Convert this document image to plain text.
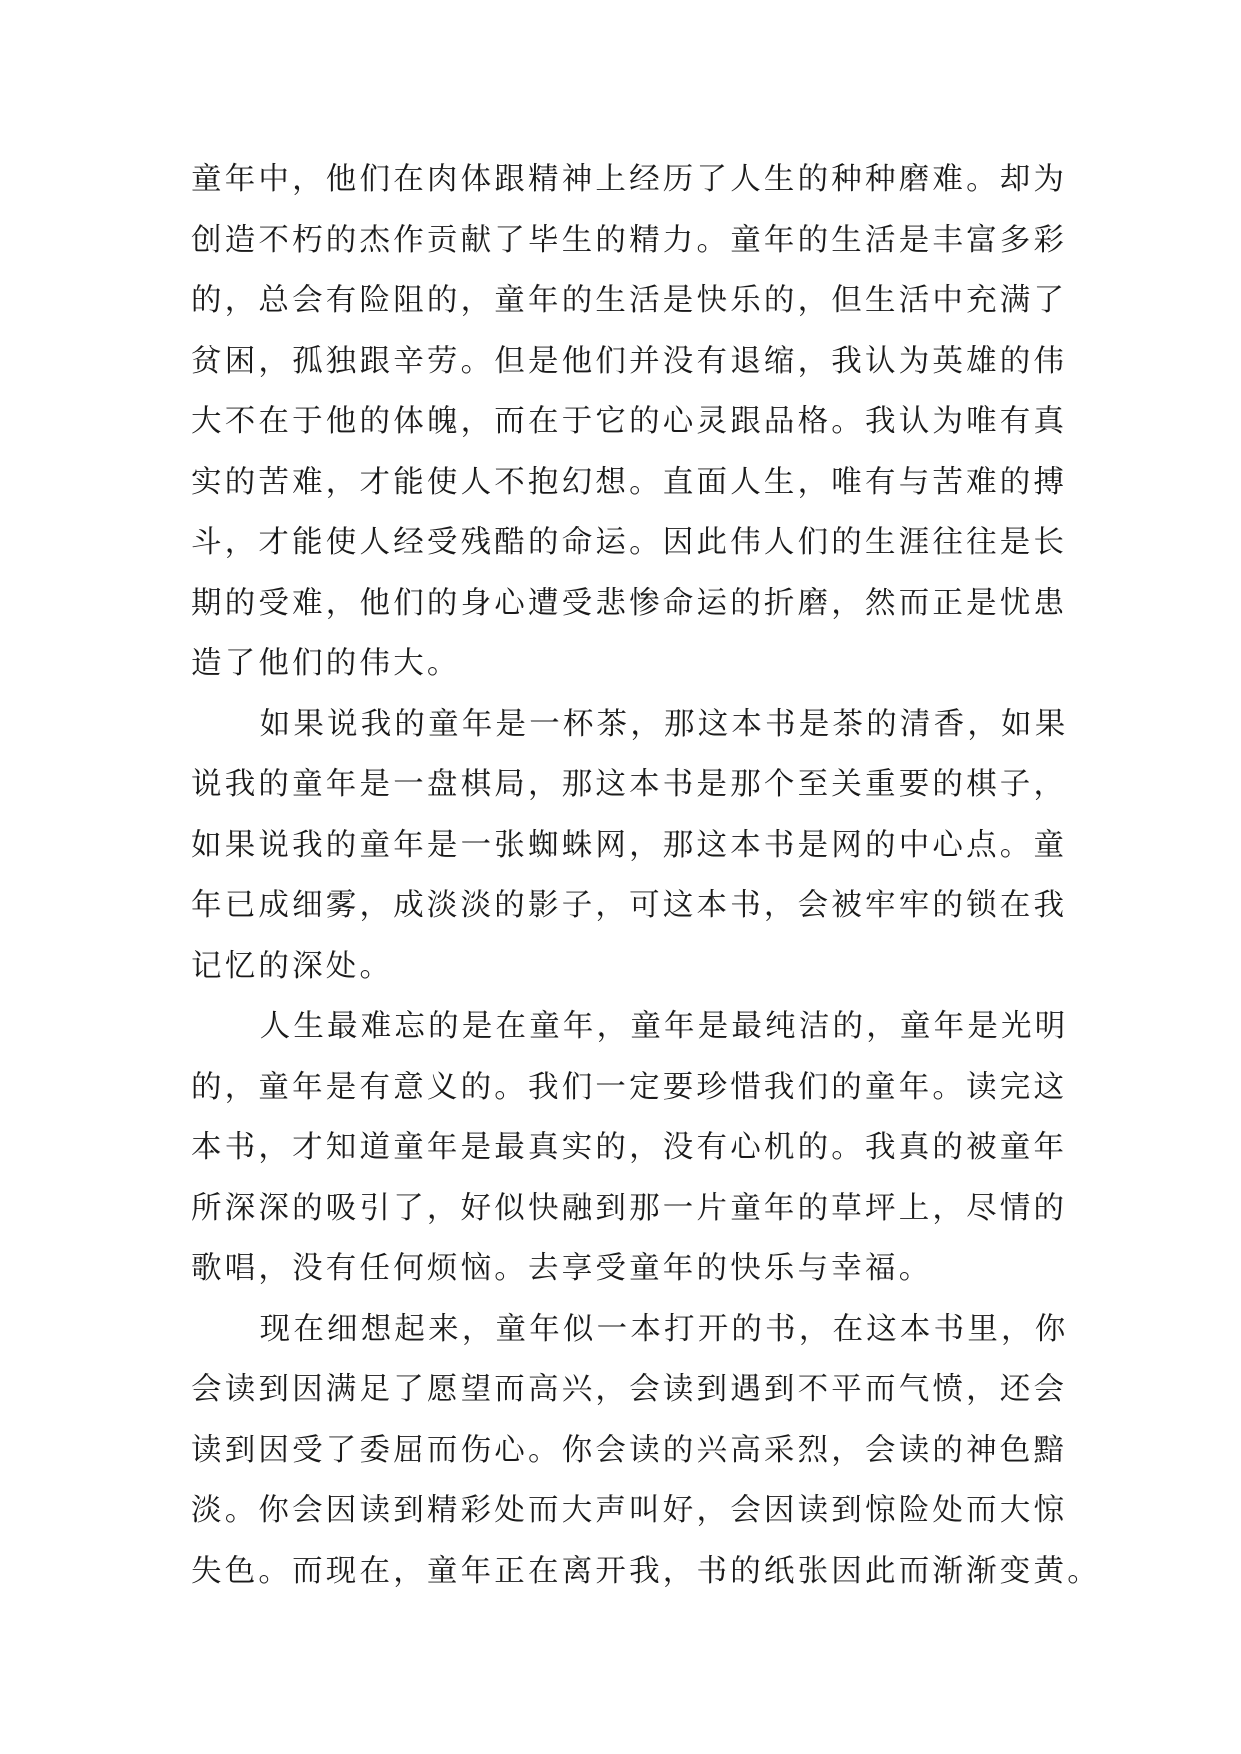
童年中，他们在肉体跟精神上经历了人生的种种磨难。却为
创造不朽的杰作贡献了毕生的精力。童年的生活是丰富多彩
的，总会有险阻的，童年的生活是快乐的，但生活中充满了
贫困，孤独跟辛劳。但是他们并没有退缩，我认为英雄的伟
大不在于他的体魄，而在于它的心灵跟品格。我认为唯有真
实的苦难，才能使人不抱幻想。直面人生，唯有与苦难的搏
斗，才能使人经受残酷的命运。因此伟人们的生涯往往是长
期的受难，他们的身心遭受悲惨命运的折磨，然而正是忧患
造了他们的伟大。

如果说我的童年是一杯茶，那这本书是茶的清香，如果
说我的童年是一盘棋局，那这本书是那个至关重要的棋子，
如果说我的童年是一张蜘蛛网，那这本书是网的中心点。童
年已成细雾，成淡淡的影子，可这本书，会被牢牢的锁在我
记忆的深处。

人生最难忘的是在童年，童年是最纯洁的，童年是光明
的，童年是有意义的。我们一定要珍惜我们的童年。读完这
本书，才知道童年是最真实的，没有心机的。我真的被童年
所深深的吸引了，好似快融到那一片童年的草坪上，尽情的
歌唱，没有任何烦恼。去享受童年的快乐与幸福。

现在细想起来，童年似一本打开的书，在这本书里，你
会读到因满足了愿望而高兴，会读到遇到不平而气愤，还会
读到因受了委屈而伤心。你会读的兴高采烈，会读的神色黯
淡。你会因读到精彩处而大声叫好，会因读到惊险处而大惊
失色。而现在，童年正在离开我，书的纸张因此而渐渐变黄。
